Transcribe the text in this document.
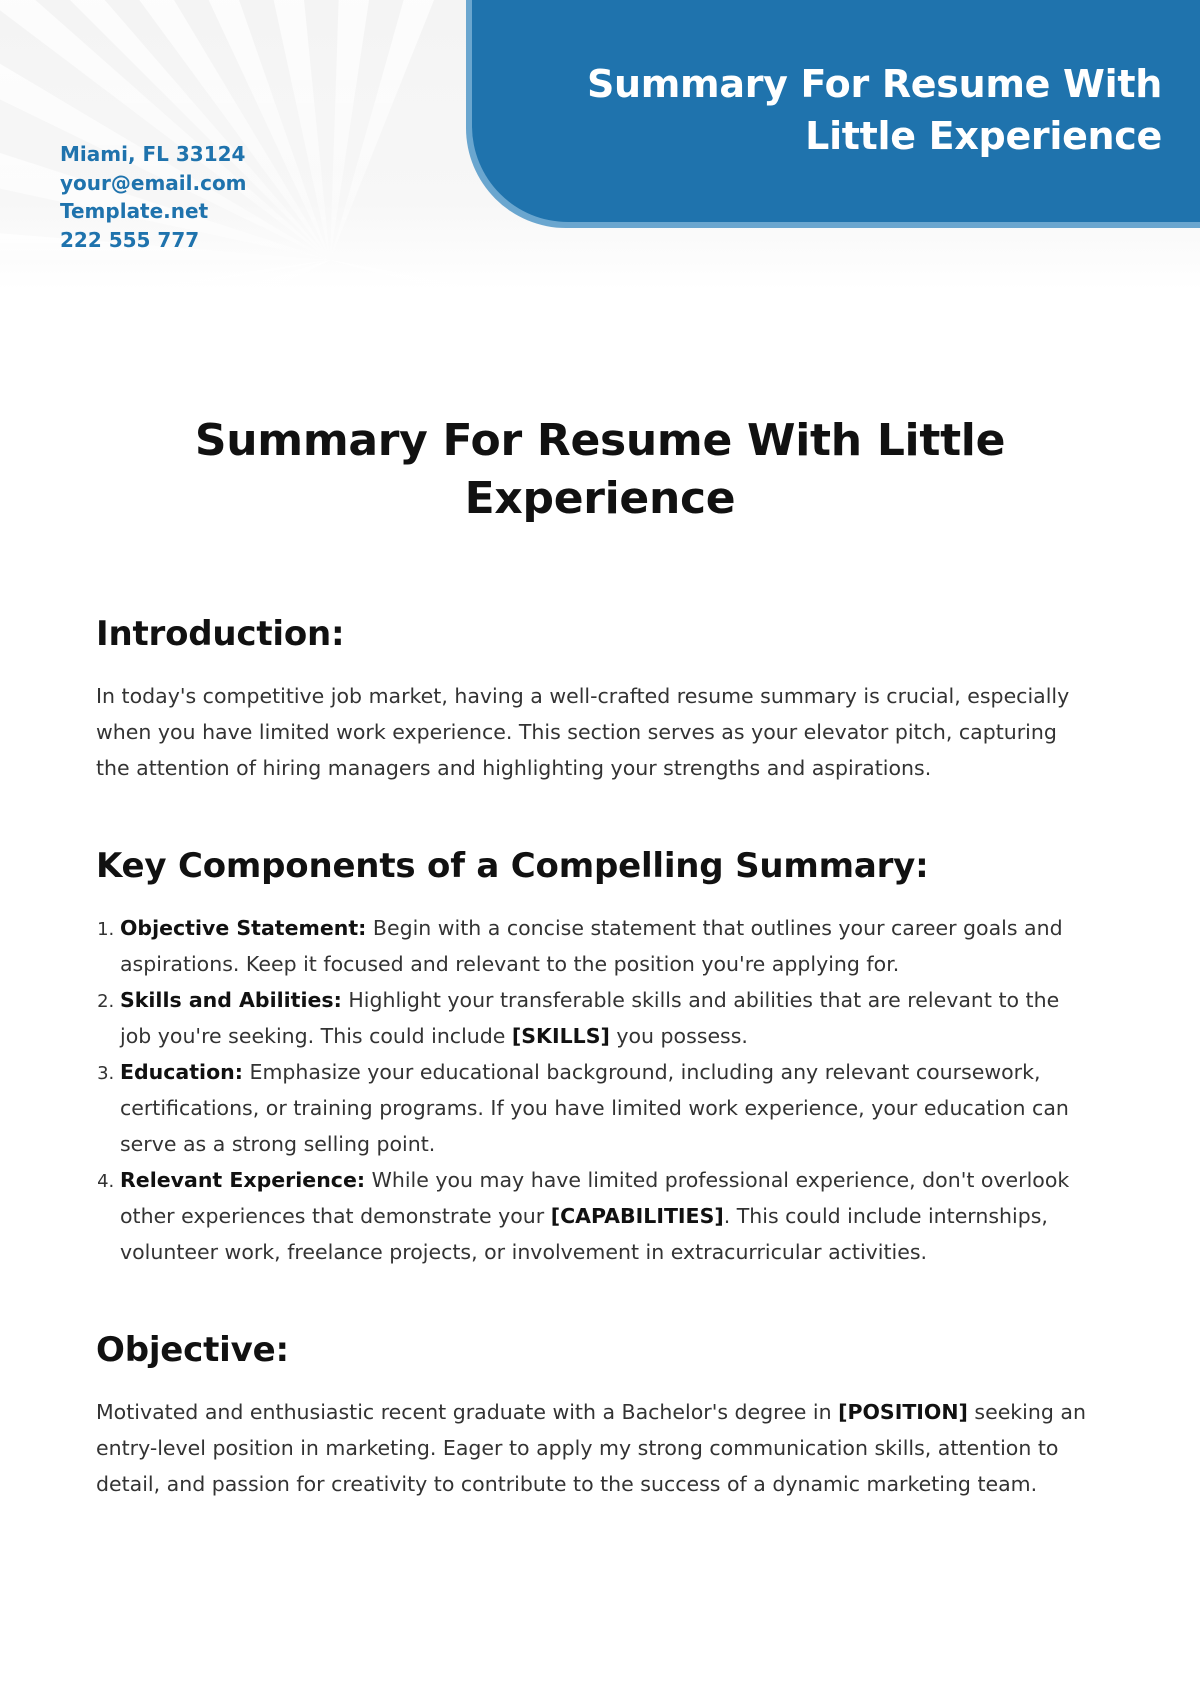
Summary For Resume With Little Experience
Miami, FL 33124
your@email.com
Template.net
222 555 777
Summary For Resume With Little Experience
Introduction:

In today's competitive job market, having a well-crafted resume summary is crucial, especially when you have limited work experience. This section serves as your elevator pitch, capturing the attention of hiring managers and highlighting your strengths and aspirations.

Key Components of a Compelling Summary:
1. Objective Statement: Begin with a concise statement that outlines your career goals and aspirations. Keep it focused and relevant to the position you're applying for.
2. Skills and Abilities: Highlight your transferable skills and abilities that are relevant to the job you're seeking. This could include [SKILLS] you possess.
3. Education: Emphasize your educational background, including any relevant coursework, certifications, or training programs. If you have limited work experience, your education can serve as a strong selling point.
4. Relevant Experience: While you may have limited professional experience, don't overlook other experiences that demonstrate your [CAPABILITIES]. This could include internships, volunteer work, freelance projects, or involvement in extracurricular activities.
Objective:

Motivated and enthusiastic recent graduate with a Bachelor's degree in [POSITION] seeking an entry-level position in marketing. Eager to apply my strong communication skills, attention to detail, and passion for creativity to contribute to the success of a dynamic marketing team.
